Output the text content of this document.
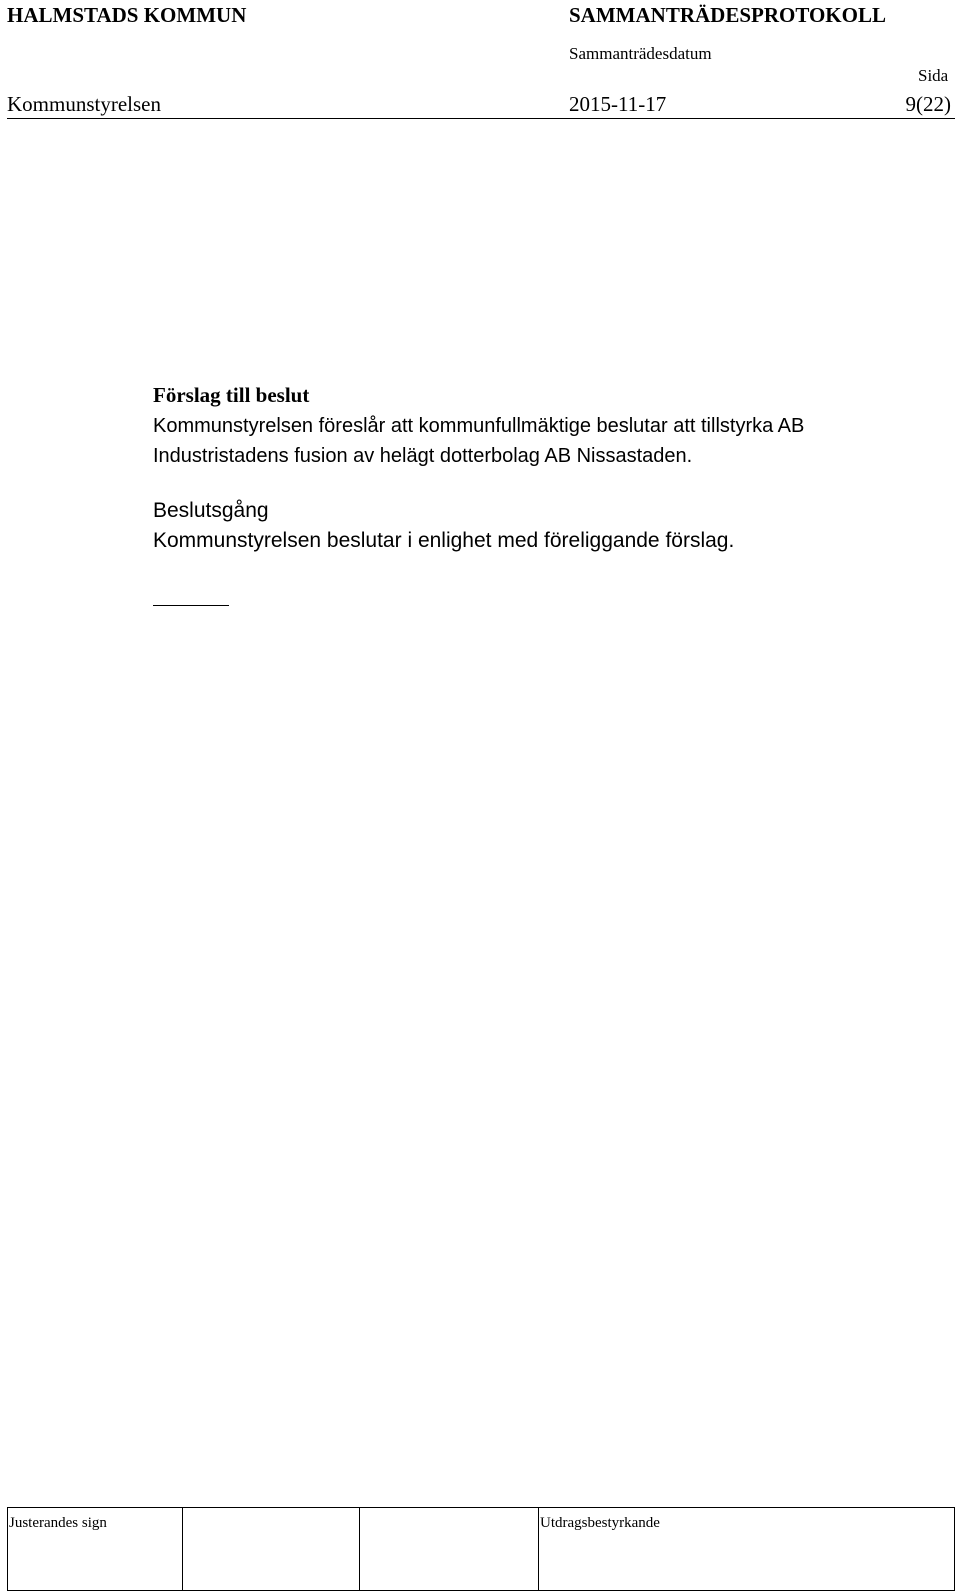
HALMSTADS KOMMUN	SAMMANTRÄDESPROTOKOLL
Sammanträdesdatum
Sida
Kommunstyrelsen	2015-11-17	9(22)
Förslag till beslut
Kommunstyrelsen föreslår att kommunfullmäktige beslutar att tillstyrka AB
Industristadens fusion av helägt dotterbolag AB Nissastaden.
Beslutsgång
Kommunstyrelsen beslutar i enlighet med föreliggande förslag.
Justerandes sign	Utdragsbestyrkande
